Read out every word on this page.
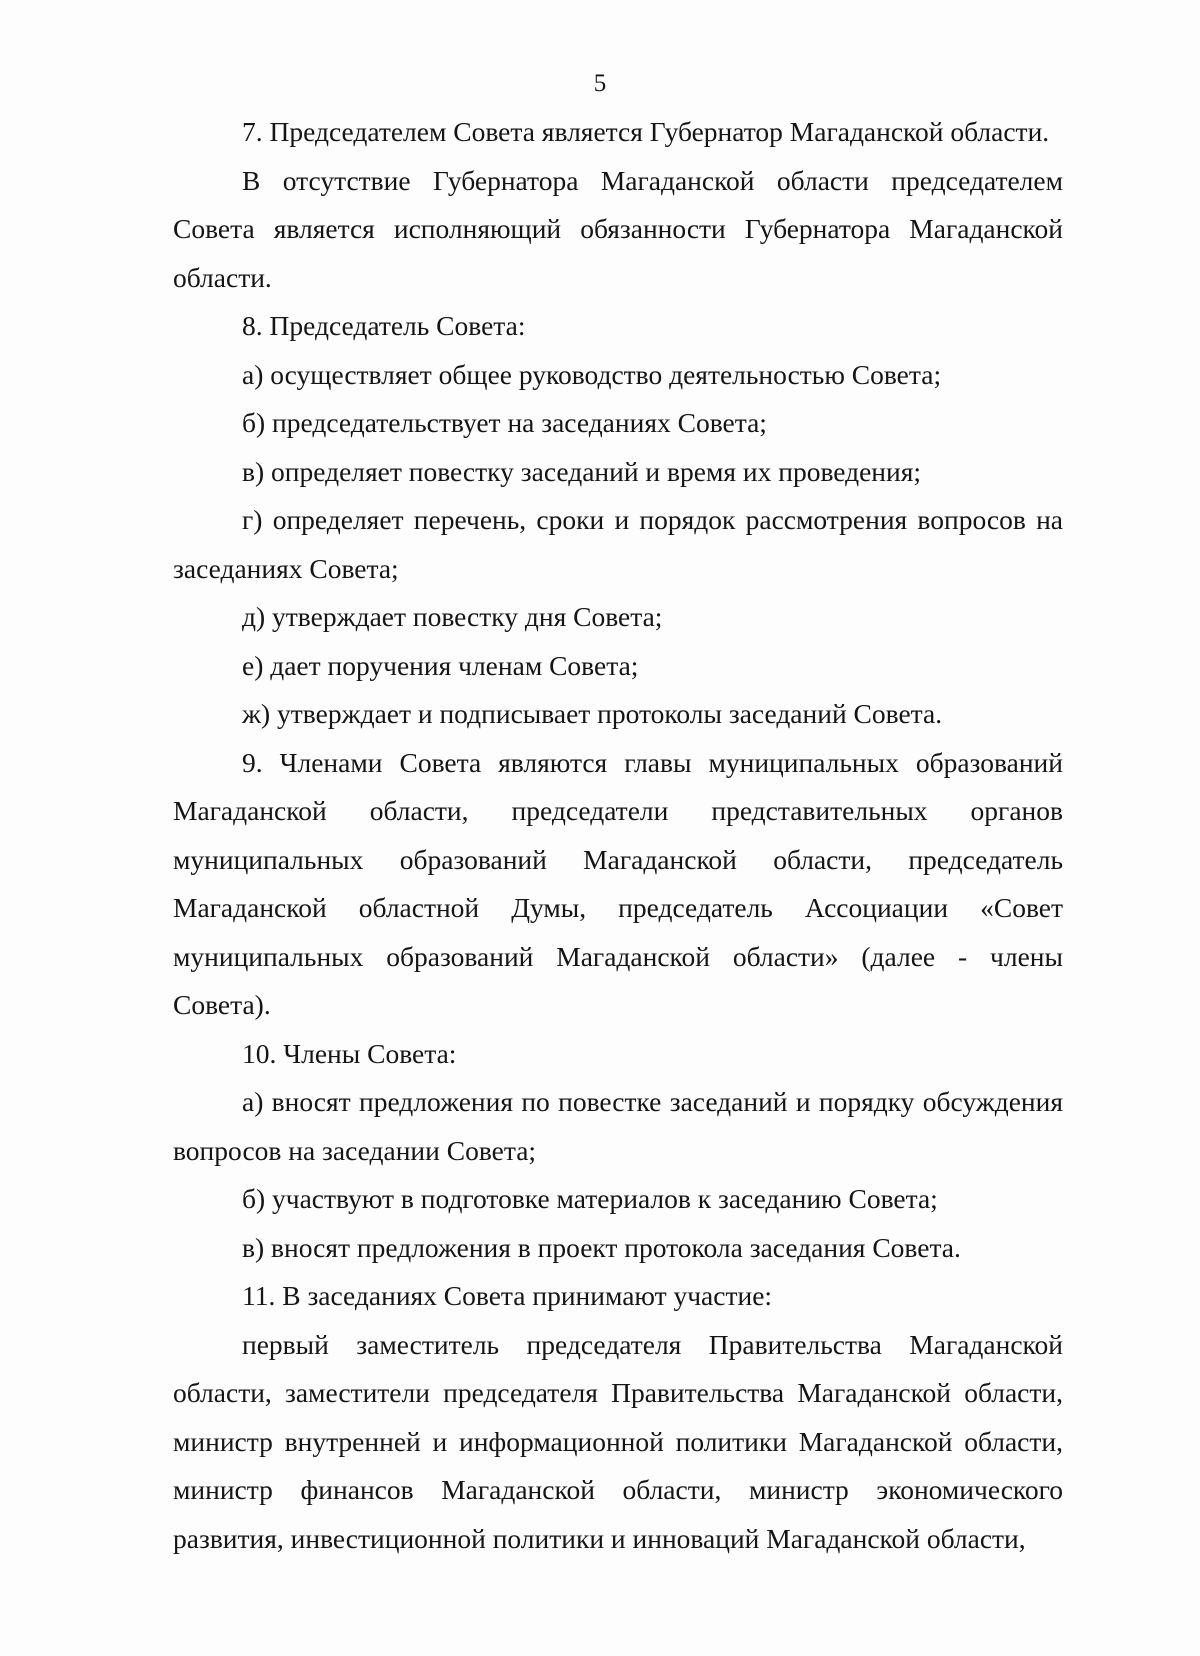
5

7. Председателем Совета является Губернатор Магаданской области.

В отсутствие Губернатора Магаданской области председателем Совета является исполняющий обязанности Губернатора Магаданской области.

8. Председатель Совета:

а) осуществляет общее руководство деятельностью Совета;

б) председательствует на заседаниях Совета;

в) определяет повестку заседаний и время их проведения;

г) определяет перечень, сроки и порядок рассмотрения вопросов на заседаниях Совета;

д) утверждает повестку дня Совета;

е) дает поручения членам Совета;

ж) утверждает и подписывает протоколы заседаний Совета.

9. Членами Совета являются главы муниципальных образований Магаданской области, председатели представительных органов муниципальных образований Магаданской области, председатель Магаданской областной Думы, председатель Ассоциации «Совет муниципальных образований Магаданской области» (далее - члены Совета).

10. Члены Совета:

а) вносят предложения по повестке заседаний и порядку обсуждения вопросов на заседании Совета;

б) участвуют в подготовке материалов к заседанию Совета;

в) вносят предложения в проект протокола заседания Совета.

11. В заседаниях Совета принимают участие:

первый заместитель председателя Правительства Магаданской области, заместители председателя Правительства Магаданской области, министр внутренней и информационной политики Магаданской области, министр финансов Магаданской области, министр экономического развития, инвестиционной политики и инноваций Магаданской области,
